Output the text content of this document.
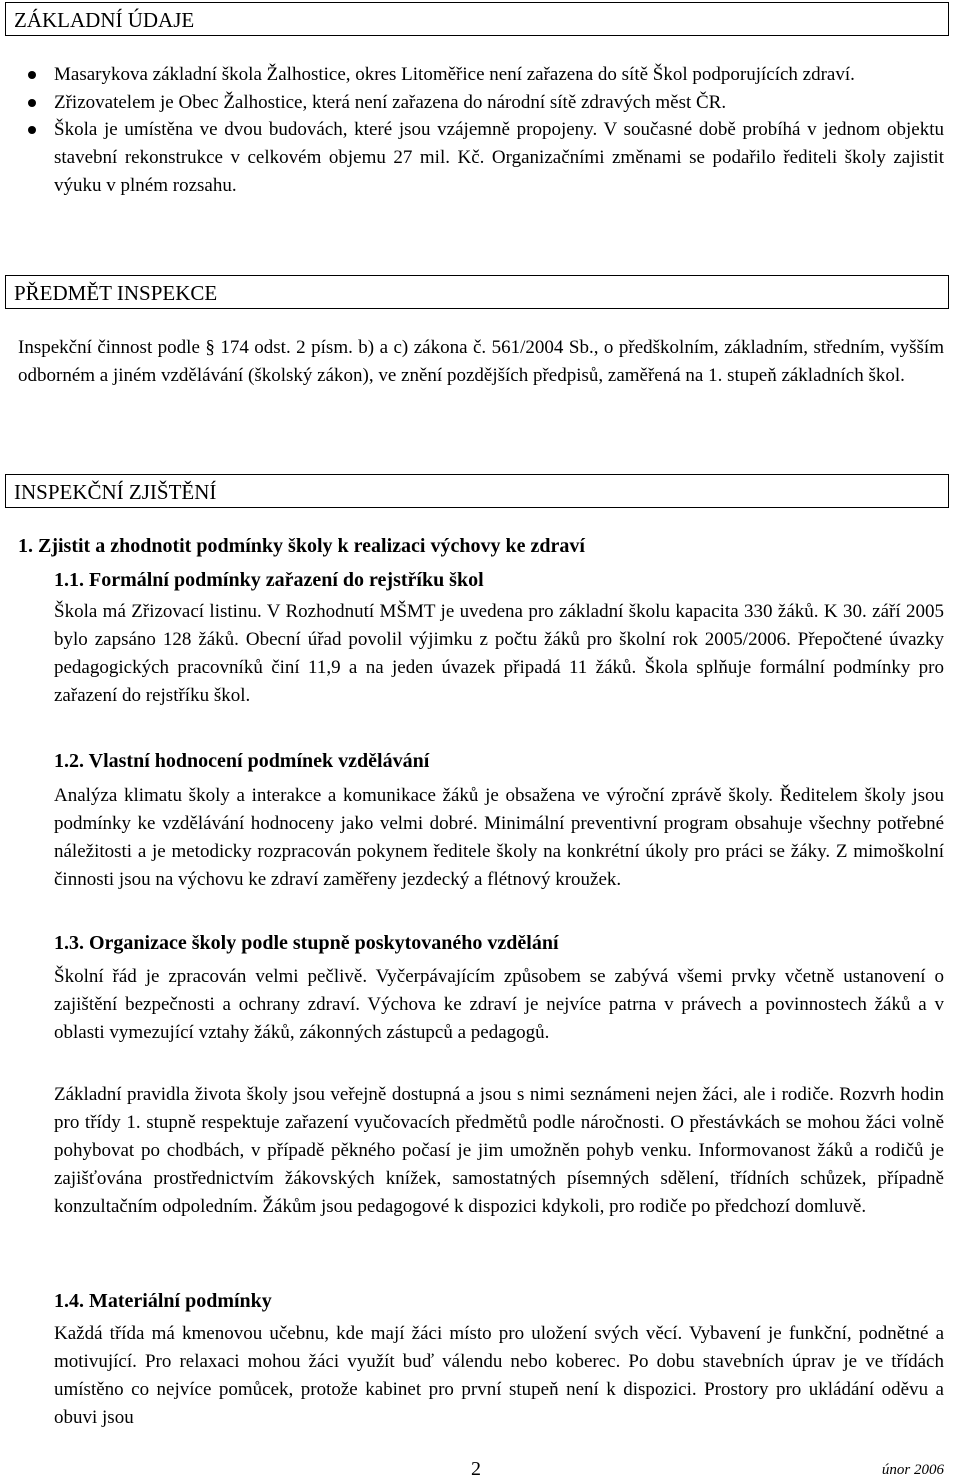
ZÁKLADNÍ ÚDAJE
Masarykova základní škola Žalhostice, okres Litoměřice není zařazena do sítě Škol podporujících zdraví.
Zřizovatelem je Obec Žalhostice, která není zařazena do národní sítě zdravých měst ČR.
Škola je umístěna ve dvou budovách, které jsou vzájemně propojeny. V současné době probíhá v jednom objektu stavební rekonstrukce v celkovém objemu 27 mil. Kč. Organizačními změnami se podařilo řediteli školy zajistit výuku v plném rozsahu.
PŘEDMĚT INSPEKCE

Inspekční činnost podle § 174 odst. 2 písm. b) a c) zákona č. 561/2004 Sb., o předškolním, základním, středním, vyšším odborném a jiném vzdělávání (školský zákon), ve znění pozdějších předpisů, zaměřená na 1. stupeň základních škol.

INSPEKČNÍ ZJIŠTĚNÍ
1. Zjistit a zhodnotit podmínky školy k realizaci výchovy ke zdraví
1.1. Formální podmínky zařazení do rejstříku škol

Škola má Zřizovací listinu. V Rozhodnutí MŠMT je uvedena pro základní školu kapacita 330 žáků. K 30. září 2005 bylo zapsáno 128 žáků. Obecní úřad povolil výjimku z počtu žáků pro školní rok 2005/2006. Přepočtené úvazky pedagogických pracovníků činí 11,9 a na jeden úvazek připadá 11 žáků. Škola splňuje formální podmínky pro zařazení do rejstříku škol.

1.2. Vlastní hodnocení podmínek vzdělávání

Analýza klimatu školy a interakce a komunikace žáků je obsažena ve výroční zprávě školy. Ředitelem školy jsou podmínky ke vzdělávání hodnoceny jako velmi dobré. Minimální preventivní program obsahuje všechny potřebné náležitosti a je metodicky rozpracován pokynem ředitele školy na konkrétní úkoly pro práci se žáky. Z mimoškolní činnosti jsou na výchovu ke zdraví zaměřeny jezdecký a flétnový kroužek.

1.3. Organizace školy podle stupně poskytovaného vzdělání

Školní řád je zpracován velmi pečlivě. Vyčerpávajícím způsobem se zabývá všemi prvky včetně ustanovení o zajištění bezpečnosti a ochrany zdraví. Výchova ke zdraví je nejvíce patrna v právech a povinnostech žáků a v oblasti vymezující vztahy žáků, zákonných zástupců a pedagogů.

Základní pravidla života školy jsou veřejně dostupná a jsou s nimi seznámeni nejen žáci, ale i rodiče. Rozvrh hodin pro třídy 1. stupně respektuje zařazení vyučovacích předmětů podle náročnosti. O přestávkách se mohou žáci volně pohybovat po chodbách, v případě pěkného počasí je jim umožněn pohyb venku. Informovanost žáků a rodičů je zajišťována prostřednictvím žákovských knížek, samostatných písemných sdělení, třídních schůzek, případně konzultačním odpoledním. Žákům jsou pedagogové k dispozici kdykoli, pro rodiče po předchozí domluvě.

1.4. Materiální podmínky

Každá třída má kmenovou učebnu, kde mají žáci místo pro uložení svých věcí. Vybavení je funkční, podnětné a motivující. Pro relaxaci mohou žáci využít buď válendu nebo koberec. Po dobu stavebních úprav je ve třídách umístěno co nejvíce pomůcek, protože kabinet pro první stupeň není k dispozici. Prostory pro ukládání oděvu a obuvi jsou

2	únor 2006
